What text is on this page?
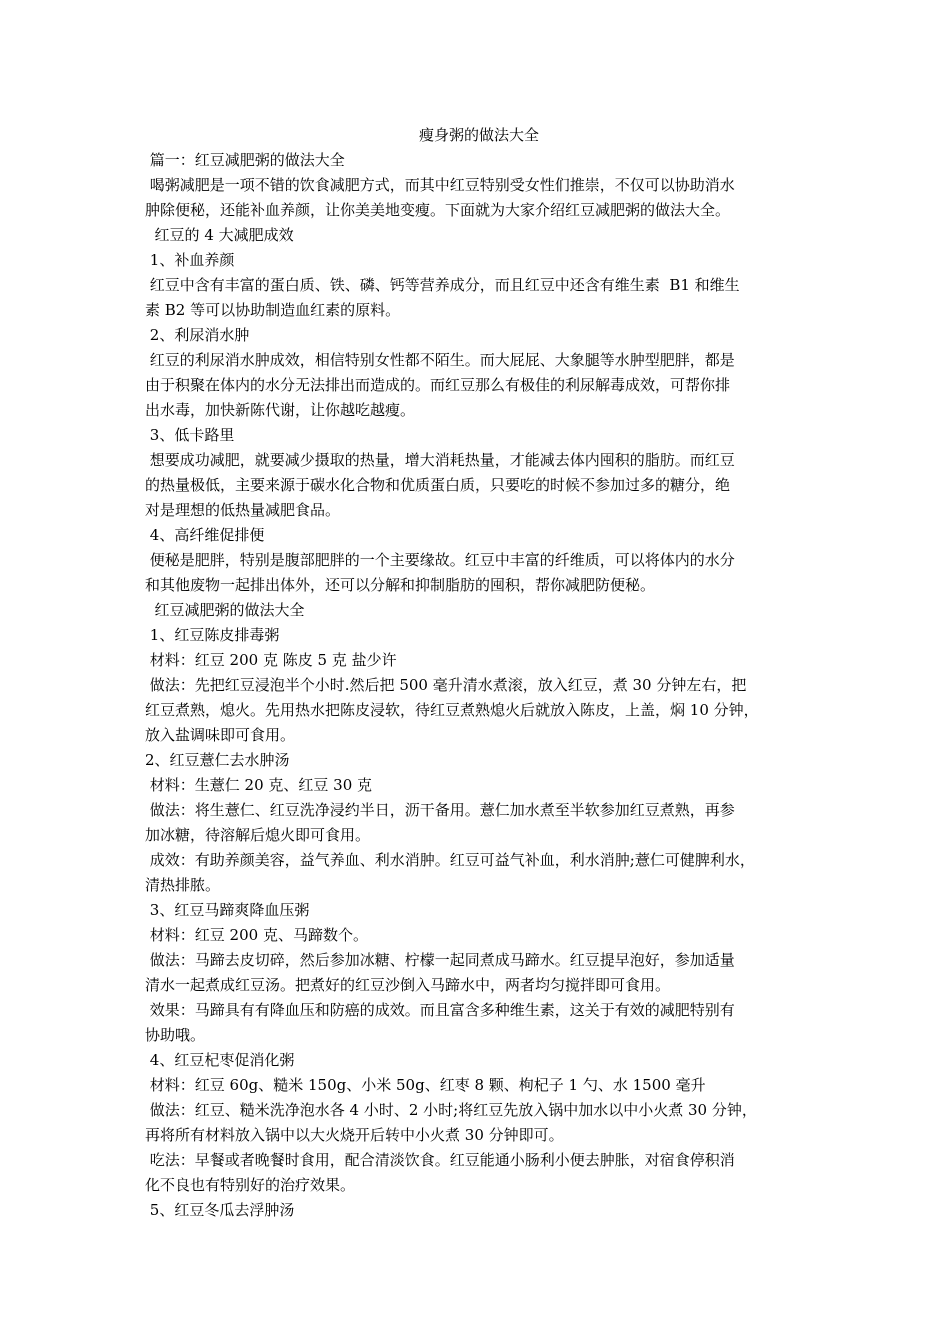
瘦身粥的做法大全

篇一：红豆减肥粥的做法大全

喝粥减肥是一项不错的饮食减肥方式，而其中红豆特别受女性们推崇，不仅可以协助消水
肿除便秘，还能补血养颜，让你美美地变瘦。下面就为大家介绍红豆减肥粥的做法大全。

红豆的 4 大减肥成效

1、补血养颜

红豆中含有丰富的蛋白质、铁、磷、钙等营养成分，而且红豆中还含有维生素  B1 和维生
素 B2 等可以协助制造血红素的原料。

2、利尿消水肿

红豆的利尿消水肿成效，相信特别女性都不陌生。而大屁屁、大象腿等水肿型肥胖，都是
由于积聚在体内的水分无法排出而造成的。而红豆那么有极佳的利尿解毒成效，可帮你排
出水毒，加快新陈代谢，让你越吃越瘦。

3、低卡路里

想要成功减肥，就要减少摄取的热量，增大消耗热量，才能减去体内囤积的脂肪。而红豆
的热量极低，主要来源于碳水化合物和优质蛋白质，只要吃的时候不参加过多的糖分，绝
对是理想的低热量减肥食品。

4、高纤维促排便

便秘是肥胖，特别是腹部肥胖的一个主要缘故。红豆中丰富的纤维质，可以将体内的水分
和其他废物一起排出体外，还可以分解和抑制脂肪的囤积，帮你减肥防便秘。

红豆减肥粥的做法大全

1、红豆陈皮排毒粥

材料：红豆 200 克 陈皮 5 克 盐少许

做法：先把红豆浸泡半个小时.然后把 500 毫升清水煮滚，放入红豆，煮 30 分钟左右，把
红豆煮熟，熄火。先用热水把陈皮浸软，待红豆煮熟熄火后就放入陈皮，上盖，焖 10 分钟，
放入盐调味即可食用。

2、红豆薏仁去水肿汤

材料：生薏仁 20 克、红豆 30 克

做法：将生薏仁、红豆洗净浸约半日，沥干备用。薏仁加水煮至半软参加红豆煮熟，再参
加冰糖，待溶解后熄火即可食用。

成效：有助养颜美容，益气养血、利水消肿。红豆可益气补血，利水消肿;薏仁可健脾利水，
清热排脓。

3、红豆马蹄爽降血压粥

材料：红豆 200 克、马蹄数个。

做法：马蹄去皮切碎，然后参加冰糖、柠檬一起同煮成马蹄水。红豆提早泡好，参加适量
清水一起煮成红豆汤。把煮好的红豆沙倒入马蹄水中，两者均匀搅拌即可食用。

效果：马蹄具有有降血压和防癌的成效。而且富含多种维生素，这关于有效的减肥特别有
协助哦。

4、红豆杞枣促消化粥

材料：红豆 60g、糙米 150g、小米 50g、红枣 8 颗、枸杞子 1 勺、水 1500 毫升

做法：红豆、糙米洗净泡水各 4 小时、2 小时;将红豆先放入锅中加水以中小火煮 30 分钟，
再将所有材料放入锅中以大火烧开后转中小火煮 30 分钟即可。

吃法：早餐或者晚餐时食用，配合清淡饮食。红豆能通小肠利小便去肿胀，对宿食停积消
化不良也有特别好的治疗效果。

5、红豆冬瓜去浮肿汤
